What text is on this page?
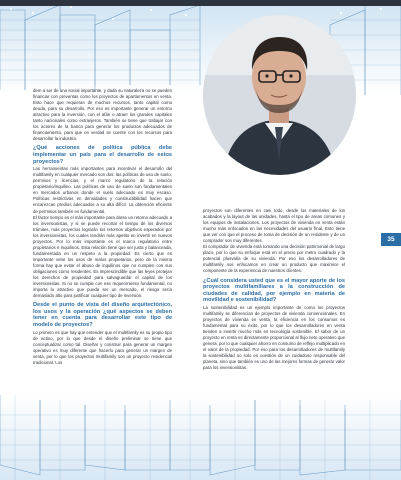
dem a ser de uno social importante, y dada su naturaleza no se pueden financiar con preventas como los proyectos de apartamentos en venta. Esto hace que requieran de muchos recursos, tanto capital como deuda, para su desarrollo. Por eso es importante generar un entorno atractivo para la inversión, con el afán e atraer los grandes capitales tanto nacionales como extranjeros. También se tiene que trabajar con los actores de la banca para generar los productos adecuados de financiamiento, para que en verdad se cuente con los recursos para desarrollar la industria.

¿Qué acciones de política pública debe implementar un país para el desarrollo de estos proyectos?

Las herramientas más importantes para incentivar el desarrollo del multifamily en cualquier mercado son dos: las políticas de uso de suelo, permisos y licencias, y el marco regulatorio de la relación propietario/inquilino. Las políticas de uso de suelo son fundamentales en mercados urbanos donde el suelo adecuado es muy escaso. Políticas restrictivas en densidades y constructibilidad hacen que encarezcan predios adecuados a su alta difícil. La obtención eficiente de permisos también es fundamental.

El factor tiempo es el más importante para darse un retorno adecuado a los inversionistas, y si se puede recortar el tiempo de los diversos trámites, más proyectos lograrán los retornos objetivos esperados por los inversionistas, los cuales tendrán más apetito en invertir en nuevos proyectos. Por lo más importante es el marco regulatorio entre propietarios e inquilinos. Esta relación tiene que ser justa y balanceada, fundamentada en un respeto a la propiedad. Es cierto que es importante velar los usos de malos propietarios, pero de la misma forma hay que evitar el abuso de inquilinos que no cumplen con sus obligaciones como residentes. Es imprescindible que las leyes protejan los derechos de propiedad para salvaguardar el capital de los inversionistas. Si no se cumple con ese requerimiento fundamental, no importa lo atractivo que pueda ser un mercado, el riesgo sería demasiado alto para justificar cualquier tipo de inversión.

Desde el punto de vista del diseño arquitectónico, los usos y la operación ¿qué aspectos se deben tener en cuenta para desarrollar este tipo de modelo de proyectos?

Lo primero es que hay que entender que el multifamily es su propio tipo de activo, por lo que desde el diseño preliminar se tiene que conceptualizar como tal. Diseñar y construir para generar un margen operativo es muy diferente que hacerlo para generar un margen de venta, por lo que los proyectos multifamily son un proyecto residencial tradicional. Los

proyectos son diferentes en casi todo, desde los materiales de los acabados y la layout de las unidades, hasta el tipo de areas comunes y los equipos de instalaciones. Los proyectos de vivienda en venta están mucho más enfocados en las necesidades del usuario final. Esto tiene que ver con que el proceso de toma de decisión de un residente y de un comprador son muy diferentes.

El comprador de vivienda está tomando una decisión patrimonial de largo plazo, por lo que su enfoque está en el precio por metro cuadrado y la potencial plusvalía de su vivienda. Por eso los desarrolladores de multifamily nos enfocamos en crear un producto que maximice el componente de la experiencia de nuestros clientes.

¿Cuál considera usted que es el mayor aporte de los proyectos multifamiliares a la construcción de ciudades de calidad, por ejemplo en materia de movilidad e sostenibilidad?

La sostenibilidad es un ejemplo importante de como los proyectos multifamily se diferencian de proyectos de vivienda convencionales. En proyectos de vivienda en venta, la eficiencia en los consumos es fundamental para su éxito, por lo que los desarrolladores en venta tienden a invertir mucho más en tecnología sostenible. El sabor de un proyecto en renta es directamente proporcional al flujo neto operativo que genera, por lo que cualquier ahorro en consumo de reflejo multiplicado en el valor de la propiedad. Por eso para los desarrolladores de multifamily la sostenibilidad no solo es cuestión de un cuidadoso responsable del planeta, sino que también es uno de las mejores formas de generar valor para los inversionistas.

35
